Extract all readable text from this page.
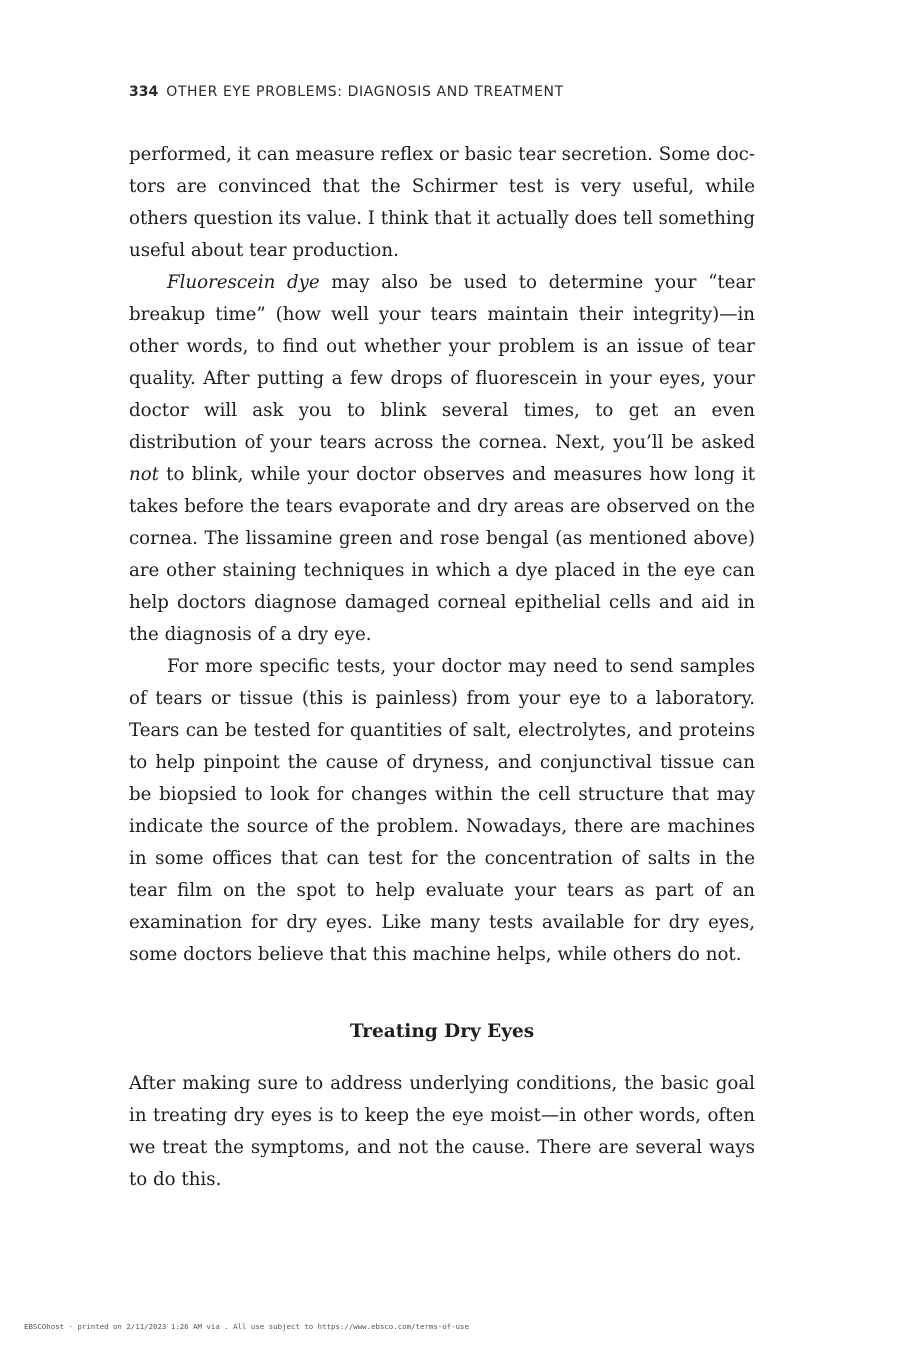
334 OTHER EYE PROBLEMS: DIAGNOSIS AND TREATMENT

performed, it can measure reflex or basic tear secretion. Some doctors are convinced that the Schirmer test is very useful, while others question its value. I think that it actually does tell something useful about tear production.

Fluorescein dye may also be used to determine your “tear breakup time” (how well your tears maintain their integrity)—in other words, to find out whether your problem is an issue of tear quality. After putting a few drops of fluorescein in your eyes, your doctor will ask you to blink several times, to get an even distribution of your tears across the cornea. Next, you’ll be asked not to blink, while your doctor observes and measures how long it takes before the tears evaporate and dry areas are observed on the cornea. The lissamine green and rose bengal (as mentioned above) are other staining techniques in which a dye placed in the eye can help doctors diagnose damaged corneal epithelial cells and aid in the diagnosis of a dry eye.

For more specific tests, your doctor may need to send samples of tears or tissue (this is painless) from your eye to a laboratory. Tears can be tested for quantities of salt, electrolytes, and proteins to help pinpoint the cause of dryness, and conjunctival tissue can be biopsied to look for changes within the cell structure that may indicate the source of the problem. Nowadays, there are machines in some offices that can test for the concentration of salts in the tear film on the spot to help evaluate your tears as part of an examination for dry eyes. Like many tests available for dry eyes, some doctors believe that this machine helps, while others do not.

Treating Dry Eyes

After making sure to address underlying conditions, the basic goal in treating dry eyes is to keep the eye moist—in other words, often we treat the symptoms, and not the cause. There are several ways to do this.

EBSCOhost - printed on 2/11/2023 1:26 AM via . All use subject to https://www.ebsco.com/terms-of-use
